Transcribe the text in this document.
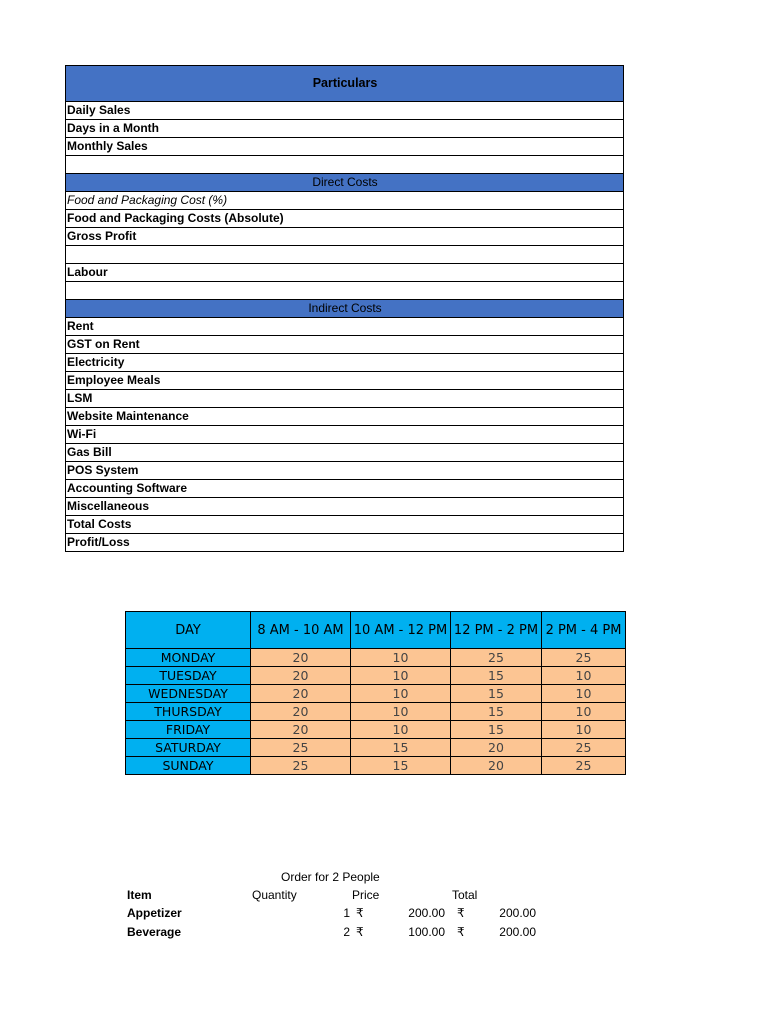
Particulars
Daily Sales
Days in a Month
Monthly Sales

Direct Costs
Food and Packaging Cost (%)
Food and Packaging Costs (Absolute)
Gross Profit

Labour

Indirect Costs
Rent
GST on Rent
Electricity
Employee Meals
LSM
Website Maintenance
Wi-Fi
Gas Bill
POS System
Accounting Software
Miscellaneous
Total Costs
Profit/Loss
DAY	8 AM - 10 AM	10 AM - 12 PM	12 PM - 2 PM	2 PM - 4 PM
MONDAY	20	10	25	25
TUESDAY	20	10	15	10
WEDNESDAY	20	10	15	10
THURSDAY	20	10	15	10
FRIDAY	20	10	15	10
SATURDAY	25	15	20	25
SUNDAY	25	15	20	25
Order for 2 People
Item	Quantity	Price	Total
Appetizer	1 ₹	200.00 ₹	200.00
Beverage	2 ₹	100.00 ₹	200.00
